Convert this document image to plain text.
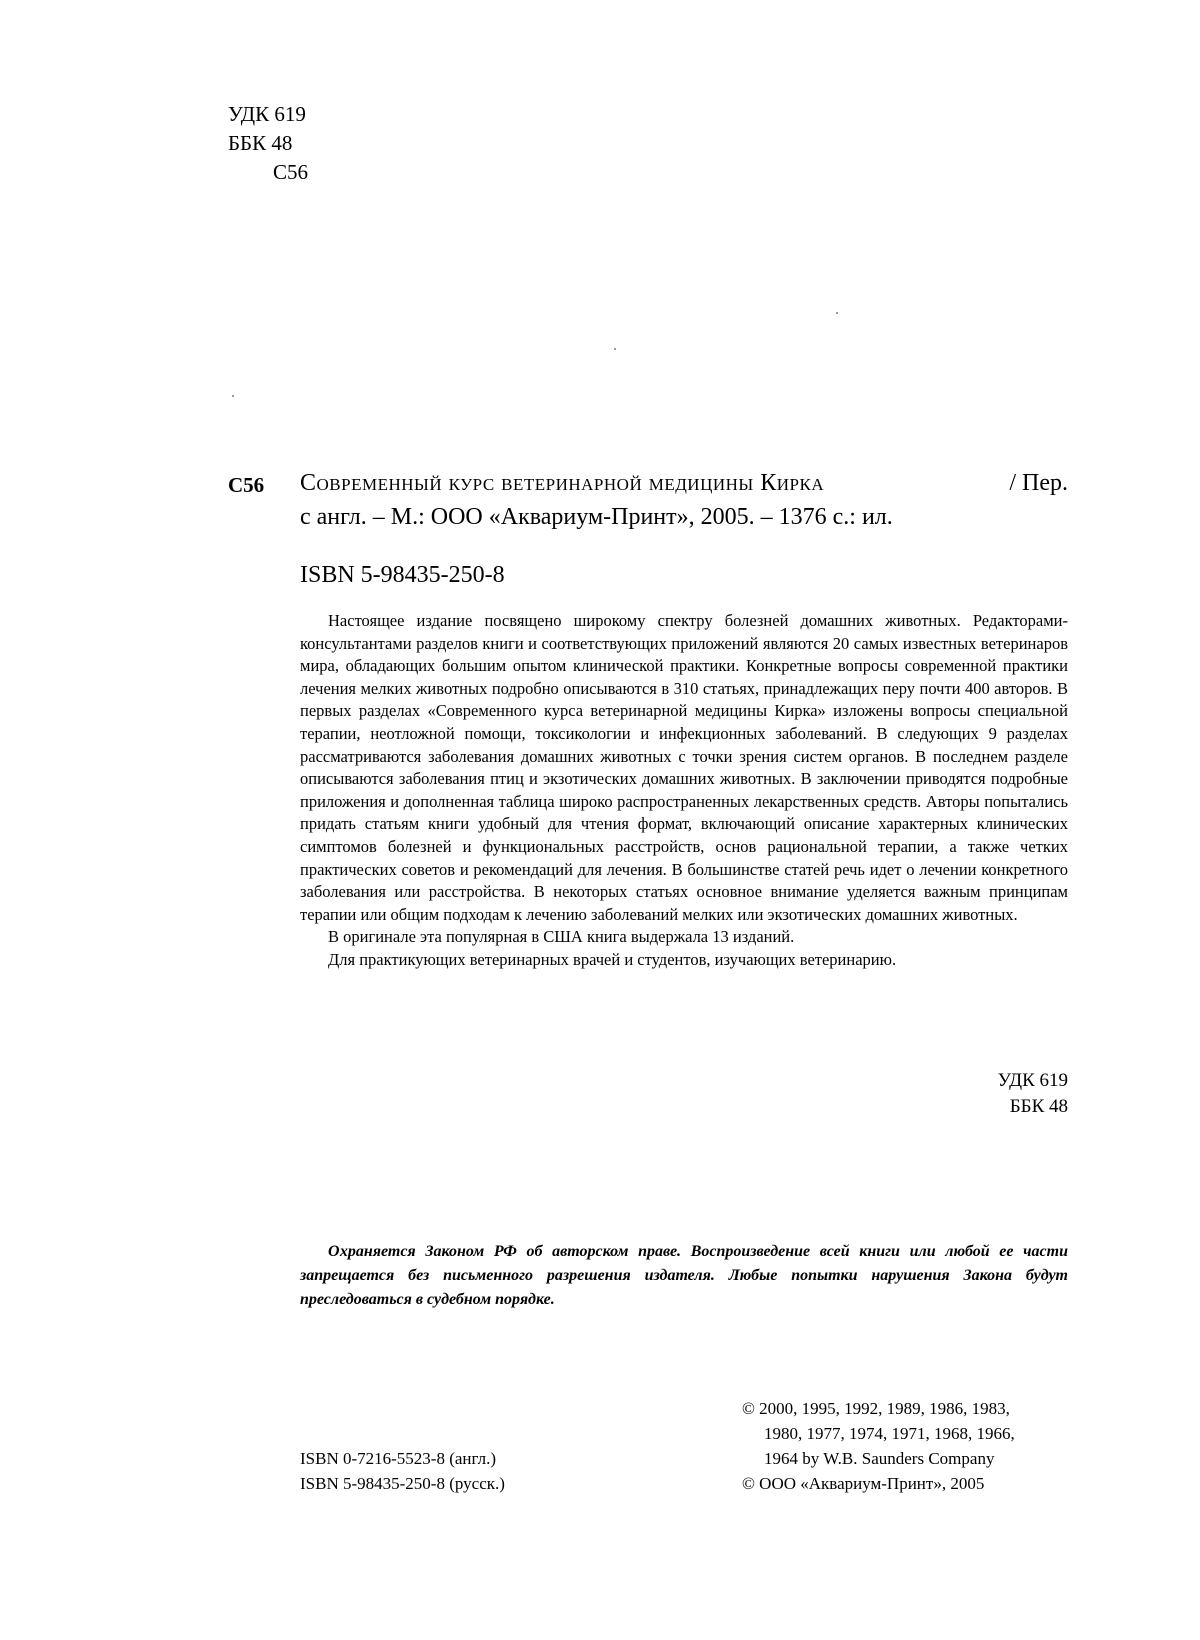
УДК 619
ББК 48
С56
С56 Современный курс ветеринарной медицины Кирка	/ Пер.
с англ. – М.: ООО «Аквариум-Принт», 2005. – 1376 с.: ил.
ISBN 5-98435-250-8

Настоящее издание посвящено широкому спектру болезней домашних животных. Редакторами-консультантами разделов книги и соответствующих приложений являются 20 самых известных ветеринаров мира, обладающих большим опытом клинической практики. Конкретные вопросы современной практики лечения мелких животных подробно описываются в 310 статьях, принадлежащих перу почти 400 авторов. В первых разделах «Современного курса ветеринарной медицины Кирка» изложены вопросы специальной терапии, неотложной помощи, токсикологии и инфекционных заболеваний. В следующих 9 разделах рассматриваются заболевания домашних животных с точки зрения систем органов. В последнем разделе описываются заболевания птиц и экзотических домашних животных. В заключении приводятся подробные приложения и дополненная таблица широко распространенных лекарственных средств. Авторы попытались придать статьям книги удобный для чтения формат, включающий описание характерных клинических симптомов болезней и функциональных расстройств, основ рациональной терапии, а также четких практических советов и рекомендаций для лечения. В большинстве статей речь идет о лечении конкретного заболевания или расстройства. В некоторых статьях основное внимание уделяется важным принципам терапии или общим подходам к лечению заболеваний мелких или экзотических домашних животных.

В оригинале эта популярная в США книга выдержала 13 изданий.

Для практикующих ветеринарных врачей и студентов, изучающих ветеринарию.

УДК 619
ББК 48
Охраняется Законом РФ об авторском праве. Воспроизведение всей книги или любой ее части запрещается без письменного разрешения издателя. Любые попытки нарушения Закона будут преследоваться в судебном порядке.
ISBN 0-7216-5523-8 (англ.)
ISBN 5-98435-250-8 (русск.)
© 2000, 1995, 1992, 1989, 1986, 1983,
1980, 1977, 1974, 1971, 1968, 1966,
1964 by W.B. Saunders Company
© ООО «Аквариум-Принт», 2005
